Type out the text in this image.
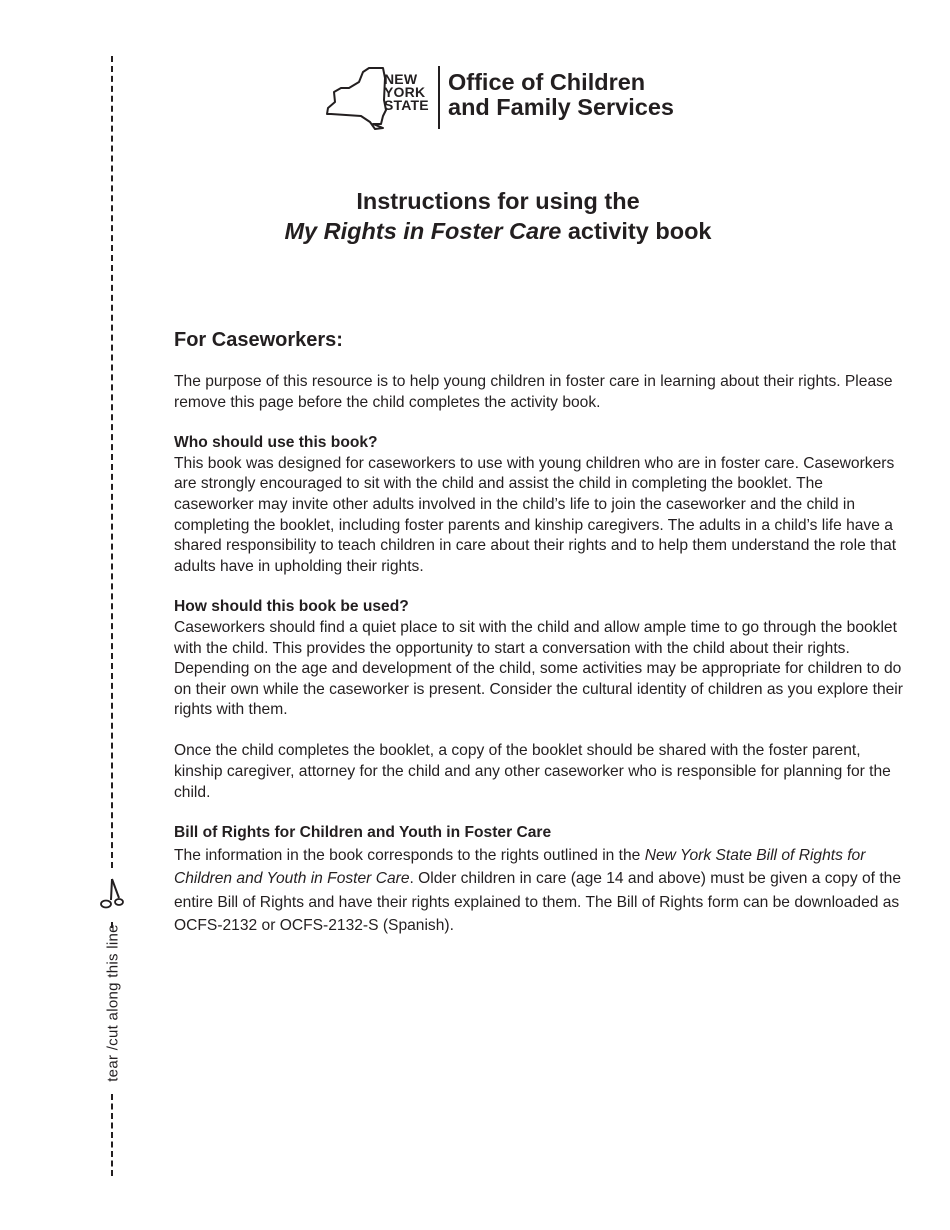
tear /cut along this line
NEW
YORK
STATE
Office of Children
and Family Services
Instructions for using the
My Rights in Foster Care activity book
For Caseworkers:

The purpose of this resource is to help young children in foster care in learning about their rights. Please remove this page before the child completes the activity book.

Who should use this book?

This book was designed for caseworkers to use with young children who are in foster care. Caseworkers are strongly encouraged to sit with the child and assist the child in completing the booklet. The caseworker may invite other adults involved in the child’s life to join the caseworker and the child in completing the booklet, including foster parents and kinship caregivers. The adults in a child’s life have a shared responsibility to teach children in care about their rights and to help them understand the role that adults have in upholding their rights.

How should this book be used?

Caseworkers should find a quiet place to sit with the child and allow ample time to go through the booklet with the child. This provides the opportunity to start a conversation with the child about their rights. Depending on the age and development of the child, some activities may be appropriate for children to do on their own while the caseworker is present. Consider the cultural identity of children as you explore their rights with them.

Once the child completes the booklet, a copy of the booklet should be shared with the foster parent, kinship caregiver, attorney for the child and any other caseworker who is responsible for planning for the child.

Bill of Rights for Children and Youth in Foster Care

The information in the book corresponds to the rights outlined in the New York State Bill of Rights for Children and Youth in Foster Care. Older children in care (age 14 and above) must be given a copy of the entire Bill of Rights and have their rights explained to them. The Bill of Rights form can be downloaded as OCFS-2132 or OCFS-2132-S (Spanish).
